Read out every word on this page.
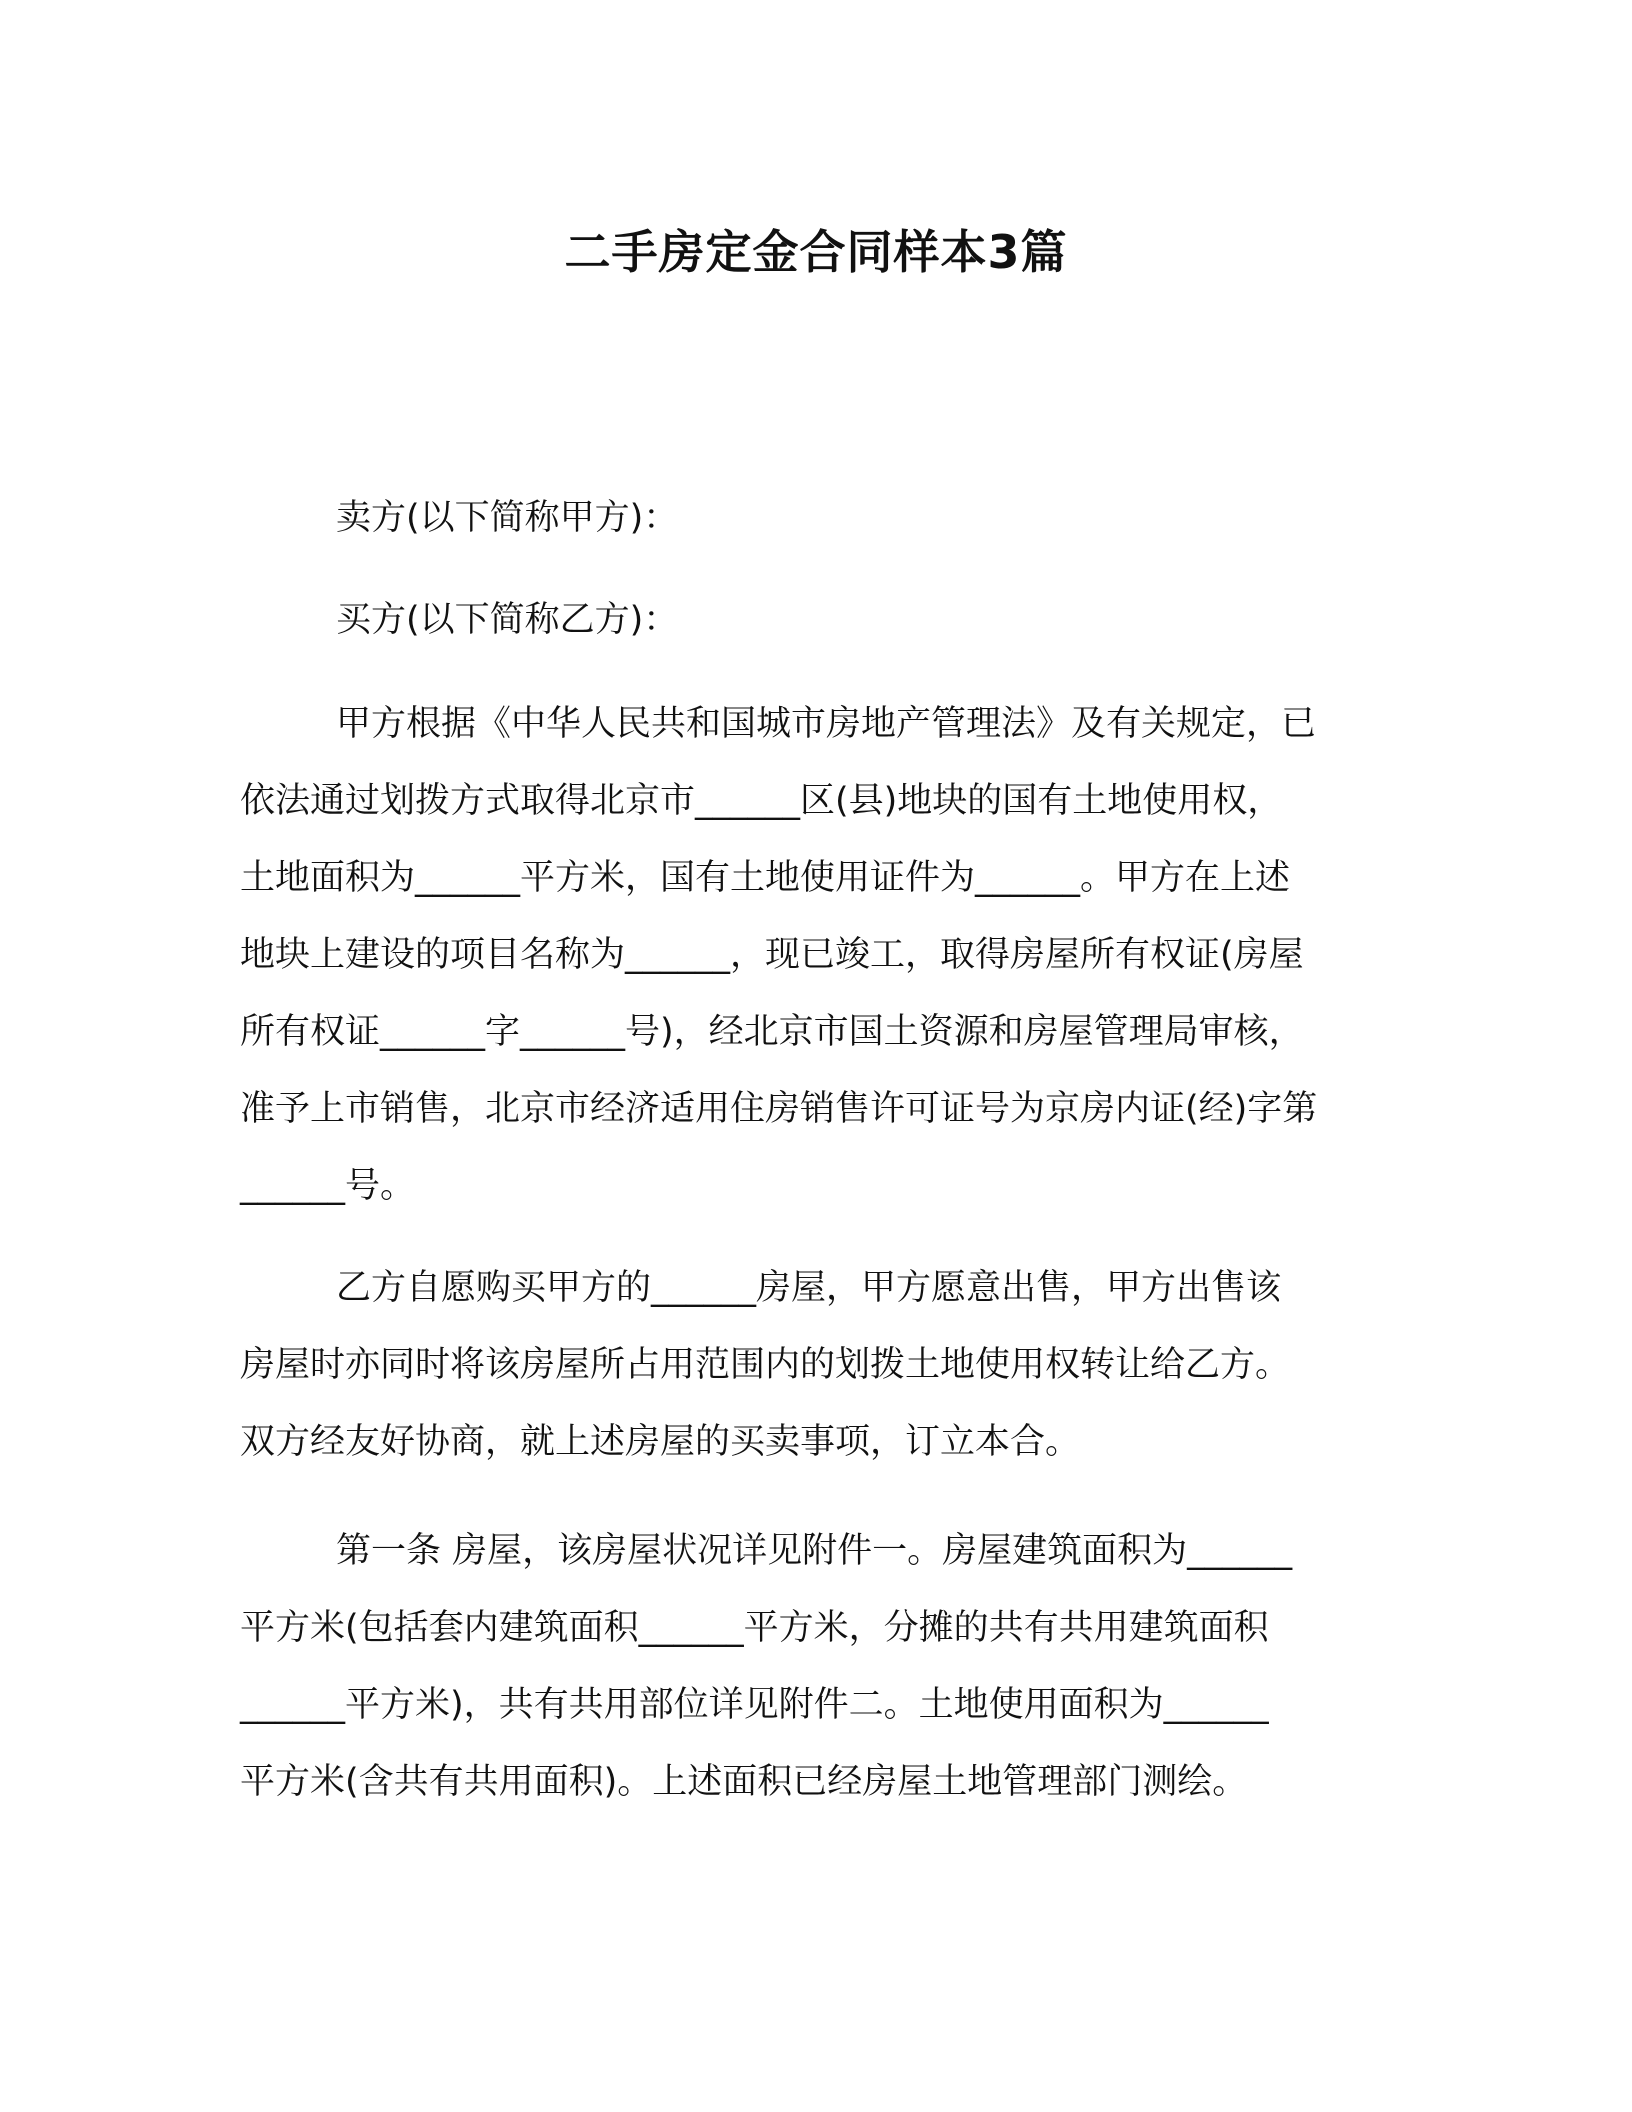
二手房定金合同样本3篇

卖方(以下简称甲方)：

买方(以下简称乙方)：

甲方根据《中华人民共和国城市房地产管理法》及有关规定，已
依法通过划拨方式取得北京市______区(县)地块的国有土地使用权，
土地面积为______平方米，国有土地使用证件为______。甲方在上述
地块上建设的项目名称为______，现已竣工，取得房屋所有权证(房屋
所有权证______字______号)，经北京市国土资源和房屋管理局审核，
准予上市销售，北京市经济适用住房销售许可证号为京房内证(经)字第
______号。
乙方自愿购买甲方的______房屋，甲方愿意出售，甲方出售该
房屋时亦同时将该房屋所占用范围内的划拨土地使用权转让给乙方。
双方经友好协商，就上述房屋的买卖事项，订立本合。
第一条 房屋，该房屋状况详见附件一。房屋建筑面积为______
平方米(包括套内建筑面积______平方米，分摊的共有共用建筑面积
______平方米)，共有共用部位详见附件二。土地使用面积为______
平方米(含共有共用面积)。上述面积已经房屋土地管理部门测绘。
